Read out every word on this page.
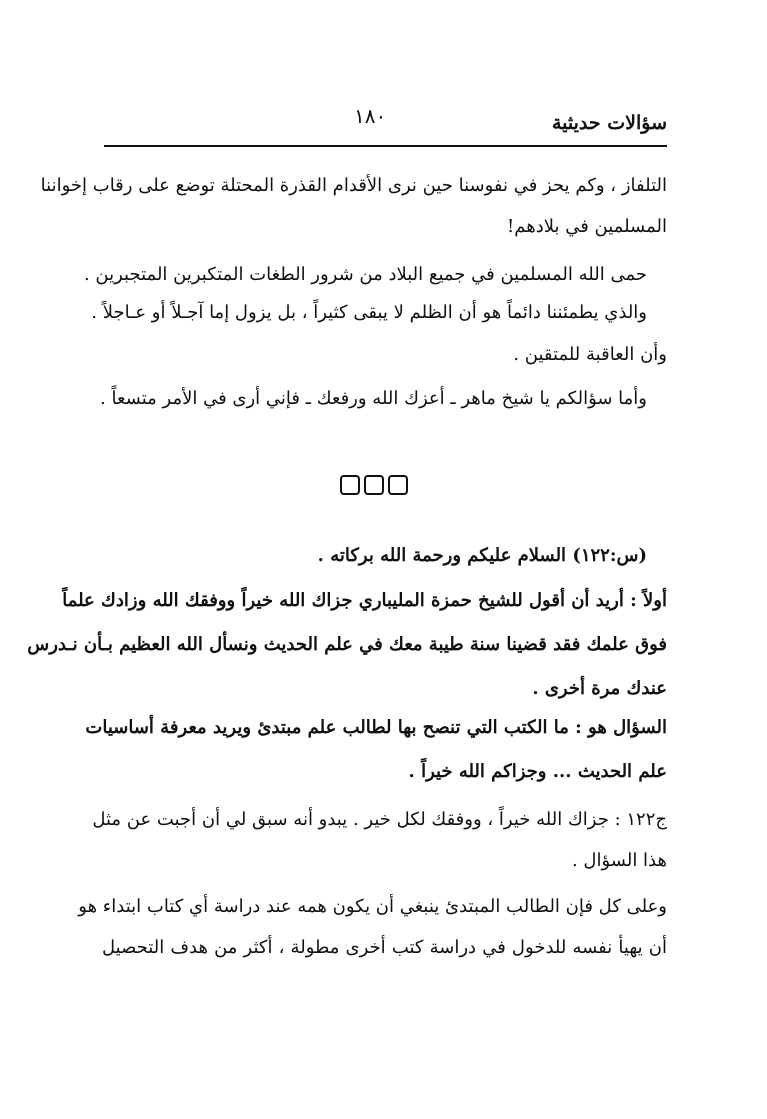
سؤالات حديثية
١٨٠
التلفاز ، وكم يحز في نفوسنا حين نرى الأقدام القذرة المحتلة توضع على رقاب إخواننا
المسلمين في بلادهم!
حمى الله المسلمين في جميع البلاد من شرور الطغات المتكبرين المتجبرين .
والذي يطمئننا دائماً هو أن الظلم لا يبقى كثيراً ، بل يزول إما آجـلاً أو عـاجلاً .
وأن العاقبة للمتقين .
وأما سؤالكم يا شيخ ماهر ـ أعزك الله ورفعك ـ فإني أرى في الأمر متسعاً .
(س:١٢٢) السلام عليكم ورحمة الله بركاته .
أولاً : أريد أن أقول للشيخ حمزة المليباري جزاك الله خيراً ووفقك الله وزادك علماً
فوق علمك فقد قضينا سنة طيبة معك في علم الحديث ونسأل الله العظيم بـأن نـدرس
عندك مرة أخرى .
السؤال هو : ما الكتب التي تنصح بها لطالب علم مبتدئ ويريد معرفة أساسيات
علم الحديث ... وجزاكم الله خيراً .
ج١٢٢ : جزاك الله خيراً ، ووفقك لكل خير . يبدو أنه سبق لي أن أجبت عن مثل
هذا السؤال .
وعلى كل فإن الطالب المبتدئ ينبغي أن يكون همه عند دراسة أي كتاب ابتداء هو
أن يهيأ نفسه للدخول في دراسة كتب أخرى مطولة ، أكثر من هدف التحصيل
